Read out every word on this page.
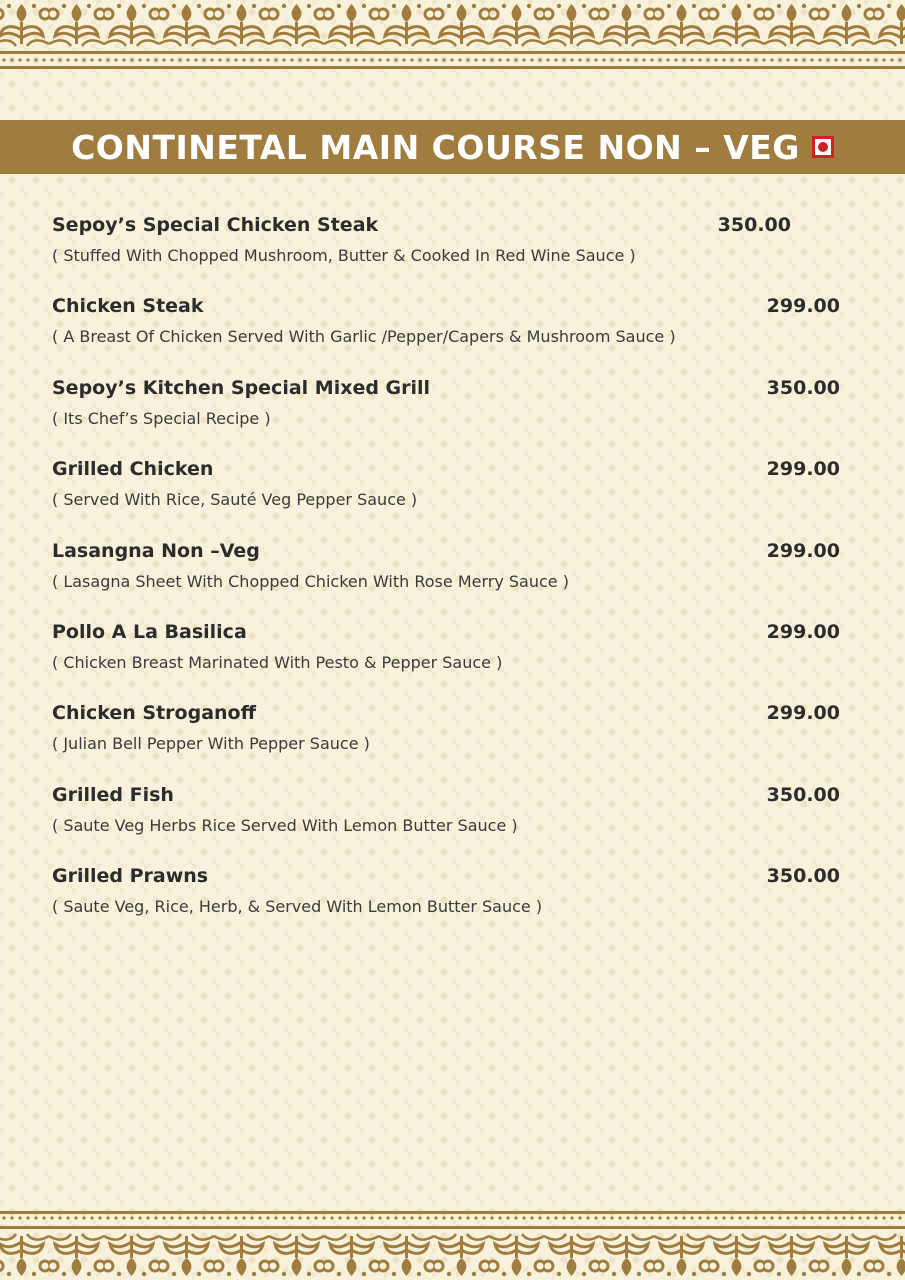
CONTINETAL MAIN COURSE NON – VEG
Sepoy’s Special Chicken Steak	350.00
( Stuffed With Chopped Mushroom, Butter & Cooked In Red Wine Sauce )
Chicken Steak	299.00
( A Breast Of Chicken Served With Garlic /Pepper/Capers & Mushroom Sauce )
Sepoy’s Kitchen Special Mixed Grill	350.00
( Its Chef’s Special Recipe )
Grilled Chicken	299.00
( Served With Rice, Sauté Veg Pepper Sauce )
Lasangna Non –Veg	299.00
( Lasagna Sheet With Chopped Chicken With Rose Merry Sauce )
Pollo A La Basilica	299.00
( Chicken Breast Marinated With Pesto & Pepper Sauce )
Chicken Stroganoff	299.00
( Julian Bell Pepper With Pepper Sauce )
Grilled Fish	350.00
( Saute Veg Herbs Rice Served With Lemon Butter Sauce )
Grilled Prawns	350.00
( Saute Veg, Rice, Herb, & Served With Lemon Butter Sauce )
